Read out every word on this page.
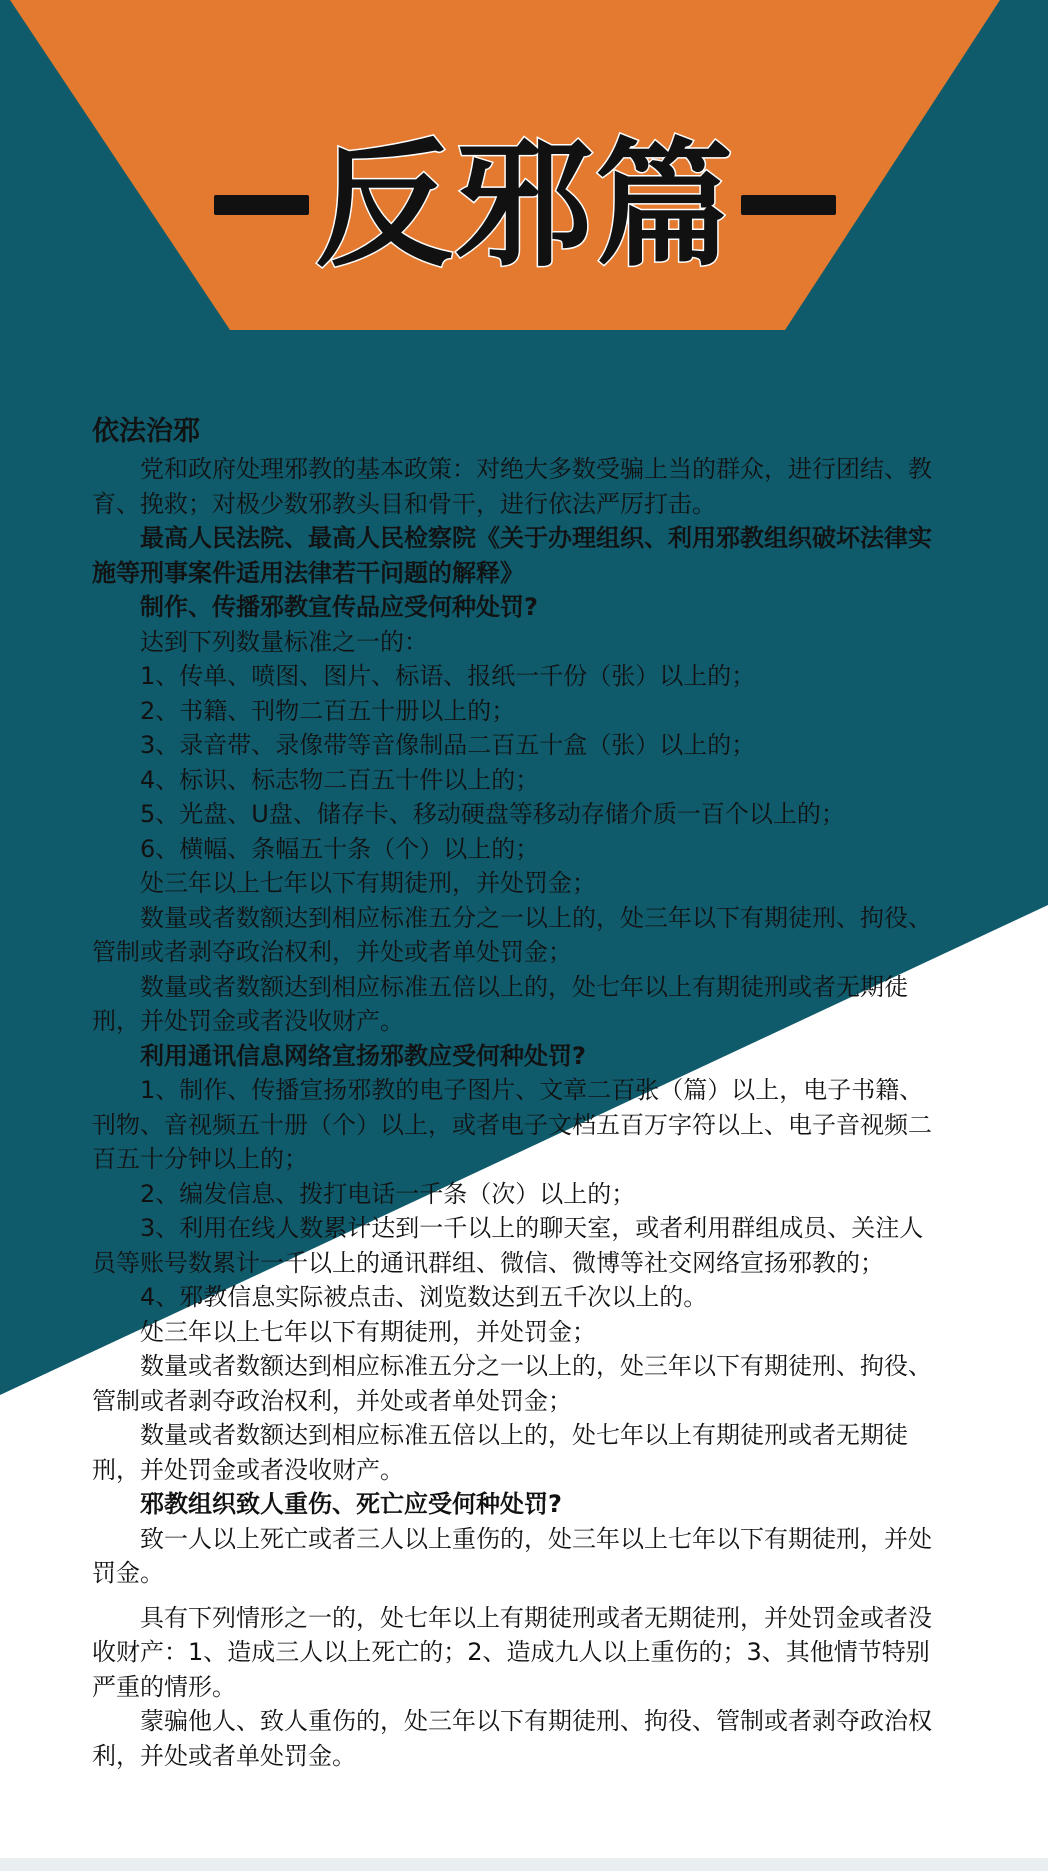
反邪篇

依法治邪

党和政府处理邪教的基本政策：对绝大多数受骗上当的群众，进行团结、教育、挽救；对极少数邪教头目和骨干，进行依法严厉打击。

最高人民法院、最高人民检察院《关于办理组织、利用邪教组织破坏法律实施等刑事案件适用法律若干问题的解释》

制作、传播邪教宣传品应受何种处罚?

达到下列数量标准之一的：

1、传单、喷图、图片、标语、报纸一千份（张）以上的；

2、书籍、刊物二百五十册以上的；

3、录音带、录像带等音像制品二百五十盒（张）以上的；

4、标识、标志物二百五十件以上的；

5、光盘、U盘、储存卡、移动硬盘等移动存储介质一百个以上的；

6、横幅、条幅五十条（个）以上的；

处三年以上七年以下有期徒刑，并处罚金；

数量或者数额达到相应标准五分之一以上的，处三年以下有期徒刑、拘役、管制或者剥夺政治权利，并处或者单处罚金；

数量或者数额达到相应标准五倍以上的，处七年以上有期徒刑或者无期徒刑，并处罚金或者没收财产。

利用通讯信息网络宣扬邪教应受何种处罚?

1、制作、传播宣扬邪教的电子图片、文章二百张（篇）以上，电子书籍、刊物、音视频五十册（个）以上，或者电子文档五百万字符以上、电子音视频二百五十分钟以上的；

2、编发信息、拨打电话一千条（次）以上的；

3、利用在线人数累计达到一千以上的聊天室，或者利用群组成员、关注人员等账号数累计一千以上的通讯群组、微信、微博等社交网络宣扬邪教的；

4、邪教信息实际被点击、浏览数达到五千次以上的。

处三年以上七年以下有期徒刑，并处罚金；

数量或者数额达到相应标准五分之一以上的，处三年以下有期徒刑、拘役、管制或者剥夺政治权利，并处或者单处罚金；

数量或者数额达到相应标准五倍以上的，处七年以上有期徒刑或者无期徒刑，并处罚金或者没收财产。

邪教组织致人重伤、死亡应受何种处罚?

致一人以上死亡或者三人以上重伤的，处三年以上七年以下有期徒刑，并处罚金。

具有下列情形之一的，处七年以上有期徒刑或者无期徒刑，并处罚金或者没收财产：1、造成三人以上死亡的；2、造成九人以上重伤的；3、其他情节特别严重的情形。

蒙骗他人、致人重伤的，处三年以下有期徒刑、拘役、管制或者剥夺政治权利，并处或者单处罚金。
